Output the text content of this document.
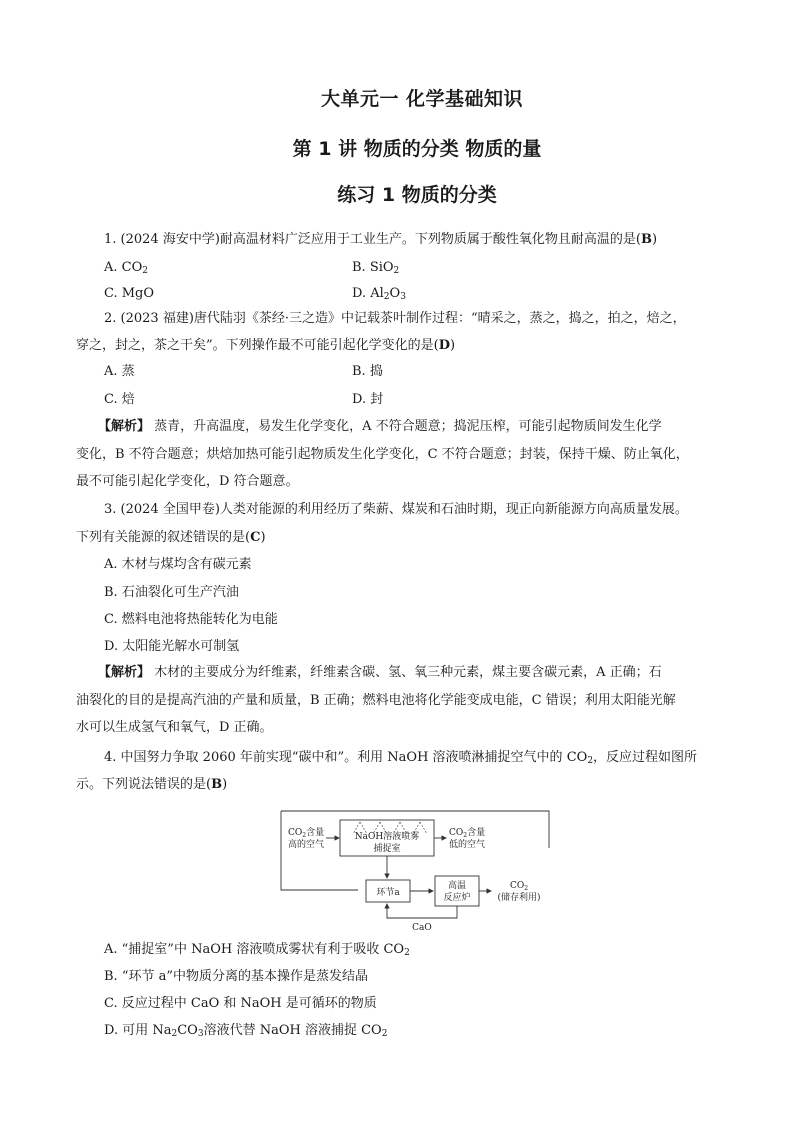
大单元一 化学基础知识
第 1 讲 物质的分类 物质的量
练习 1 物质的分类
1. (2024 海安中学)耐高温材料广泛应用于工业生产。下列物质属于酸性氧化物且耐高温的是(B)
A. $CO_2$	B. SiO$_2$
C. MgO	D. $Al_2O_3$
2. (2023 福建)唐代陆羽《茶经·三之造》中记载茶叶制作过程：“晴采之，蒸之，捣之，拍之，焙之，
穿之，封之，茶之干矣”。下列操作最不可能引起化学变化的是(D)
A. 蒸	B. 捣
C. 焙	D. 封
【解析】 蒸青，升高温度，易发生化学变化，A 不符合题意；捣泥压榨，可能引起物质间发生化学
变化，B 不符合题意；烘焙加热可能引起物质发生化学变化，C 不符合题意；封装，保持干燥、防止氧化，
最不可能引起化学变化，D 符合题意。
3. (2024 全国甲卷)人类对能源的利用经历了柴薪、煤炭和石油时期，现正向新能源方向高质量发展。
下列有关能源的叙述错误的是(C)
A. 木材与煤均含有碳元素
B. 石油裂化可生产汽油
C. 燃料电池将热能转化为电能
D. 太阳能光解水可制氢
【解析】 木材的主要成分为纤维素，纤维素含碳、氢、氧三种元素，煤主要含碳元素，A 正确；石
油裂化的目的是提高汽油的产量和质量，B 正确；燃料电池将化学能变成电能，C 错误；利用太阳能光解
水可以生成氢气和氧气，D 正确。
4. 中国努力争取 2060 年前实现“碳中和”。利用 NaOH 溶液喷淋捕捉空气中的 $CO_2$，反应过程如图所
示。下列说法错误的是(B)
NaOH溶液喷雾
捕捉室
$CO_2$含量
高的空气
$CO_2$含量
低的空气
环节a
高温
反应炉
$CO_2$
(储存利用)
CaO
A. “捕捉室”中 NaOH 溶液喷成雾状有利于吸收 $CO_2$
B. “环节 a”中物质分离的基本操作是蒸发结晶
C. 反应过程中 CaO 和 NaOH 是可循环的物质
D. 可用 $Na_2CO_3$溶液代替 NaOH 溶液捕捉 $CO_2$
